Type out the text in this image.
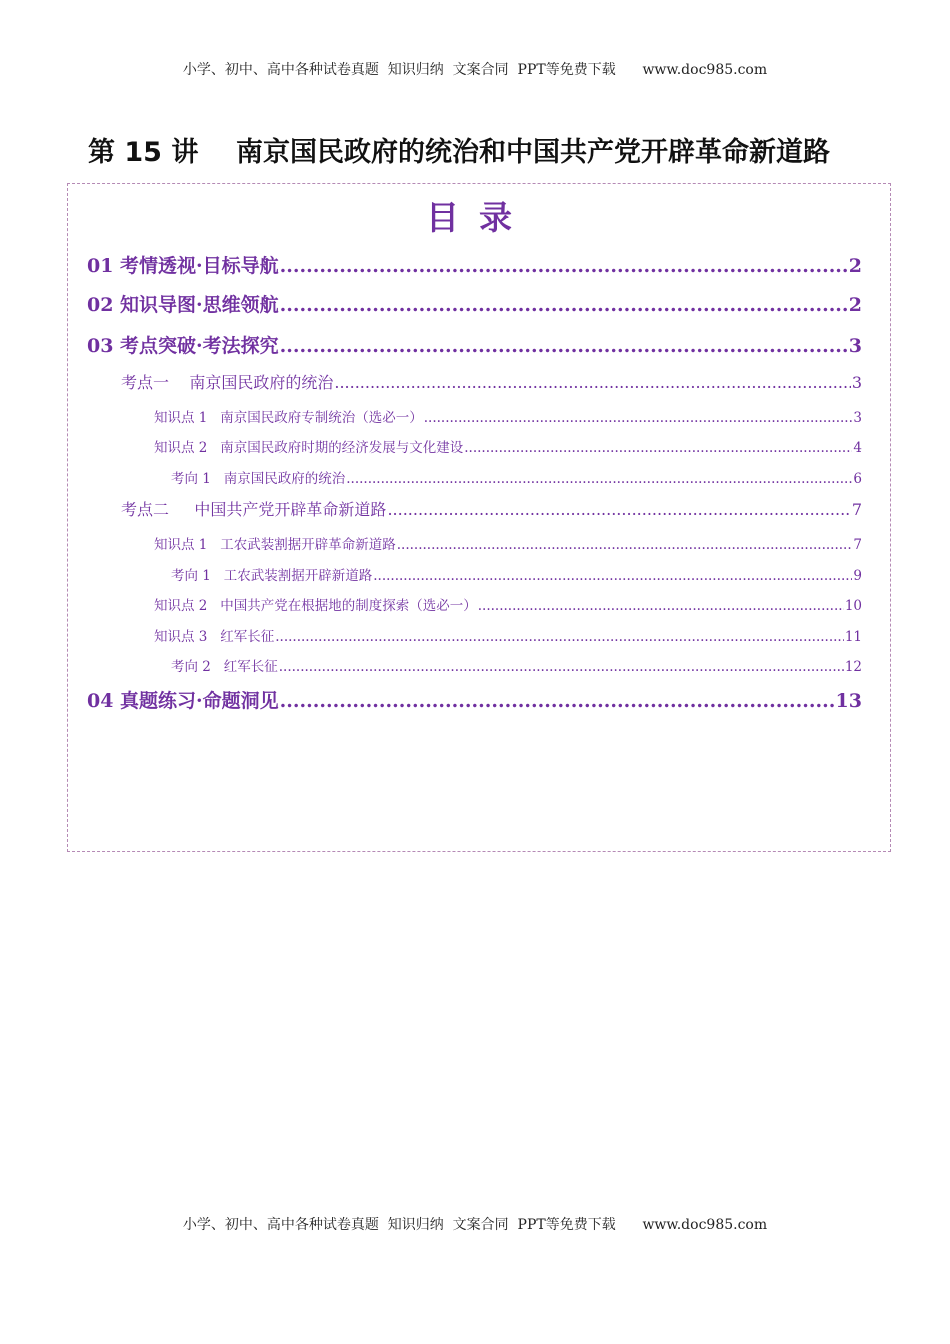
小学、初中、高中各种试卷真题  知识归纳  文案合同  PPT等免费下载      www.doc985.com
第 15 讲    南京国民政府的统治和中国共产党开辟革命新道路
目录
01 考情透视·目标导航 .....	2
02 知识导图·思维领航 .....	2
03 考点突破·考法探究 .....	3
考点一    南京国民政府的统治 .....	3
知识点 1   南京国民政府专制统治（选必一） .....	3
知识点 2   南京国民政府时期的经济发展与文化建设 .....	4
考向 1   南京国民政府的统治 .....	6
考点二     中国共产党开辟革命新道路 .....	7
知识点 1   工农武装割据开辟革命新道路 .....	7
考向 1   工农武装割据开辟新道路 .....	9
知识点 2   中国共产党在根据地的制度探索（选必一） .....	10
知识点 3   红军长征 .....	11
考向 2   红军长征 .....	12
04 真题练习·命题洞见 .....	13
小学、初中、高中各种试卷真题  知识归纳  文案合同  PPT等免费下载      www.doc985.com
